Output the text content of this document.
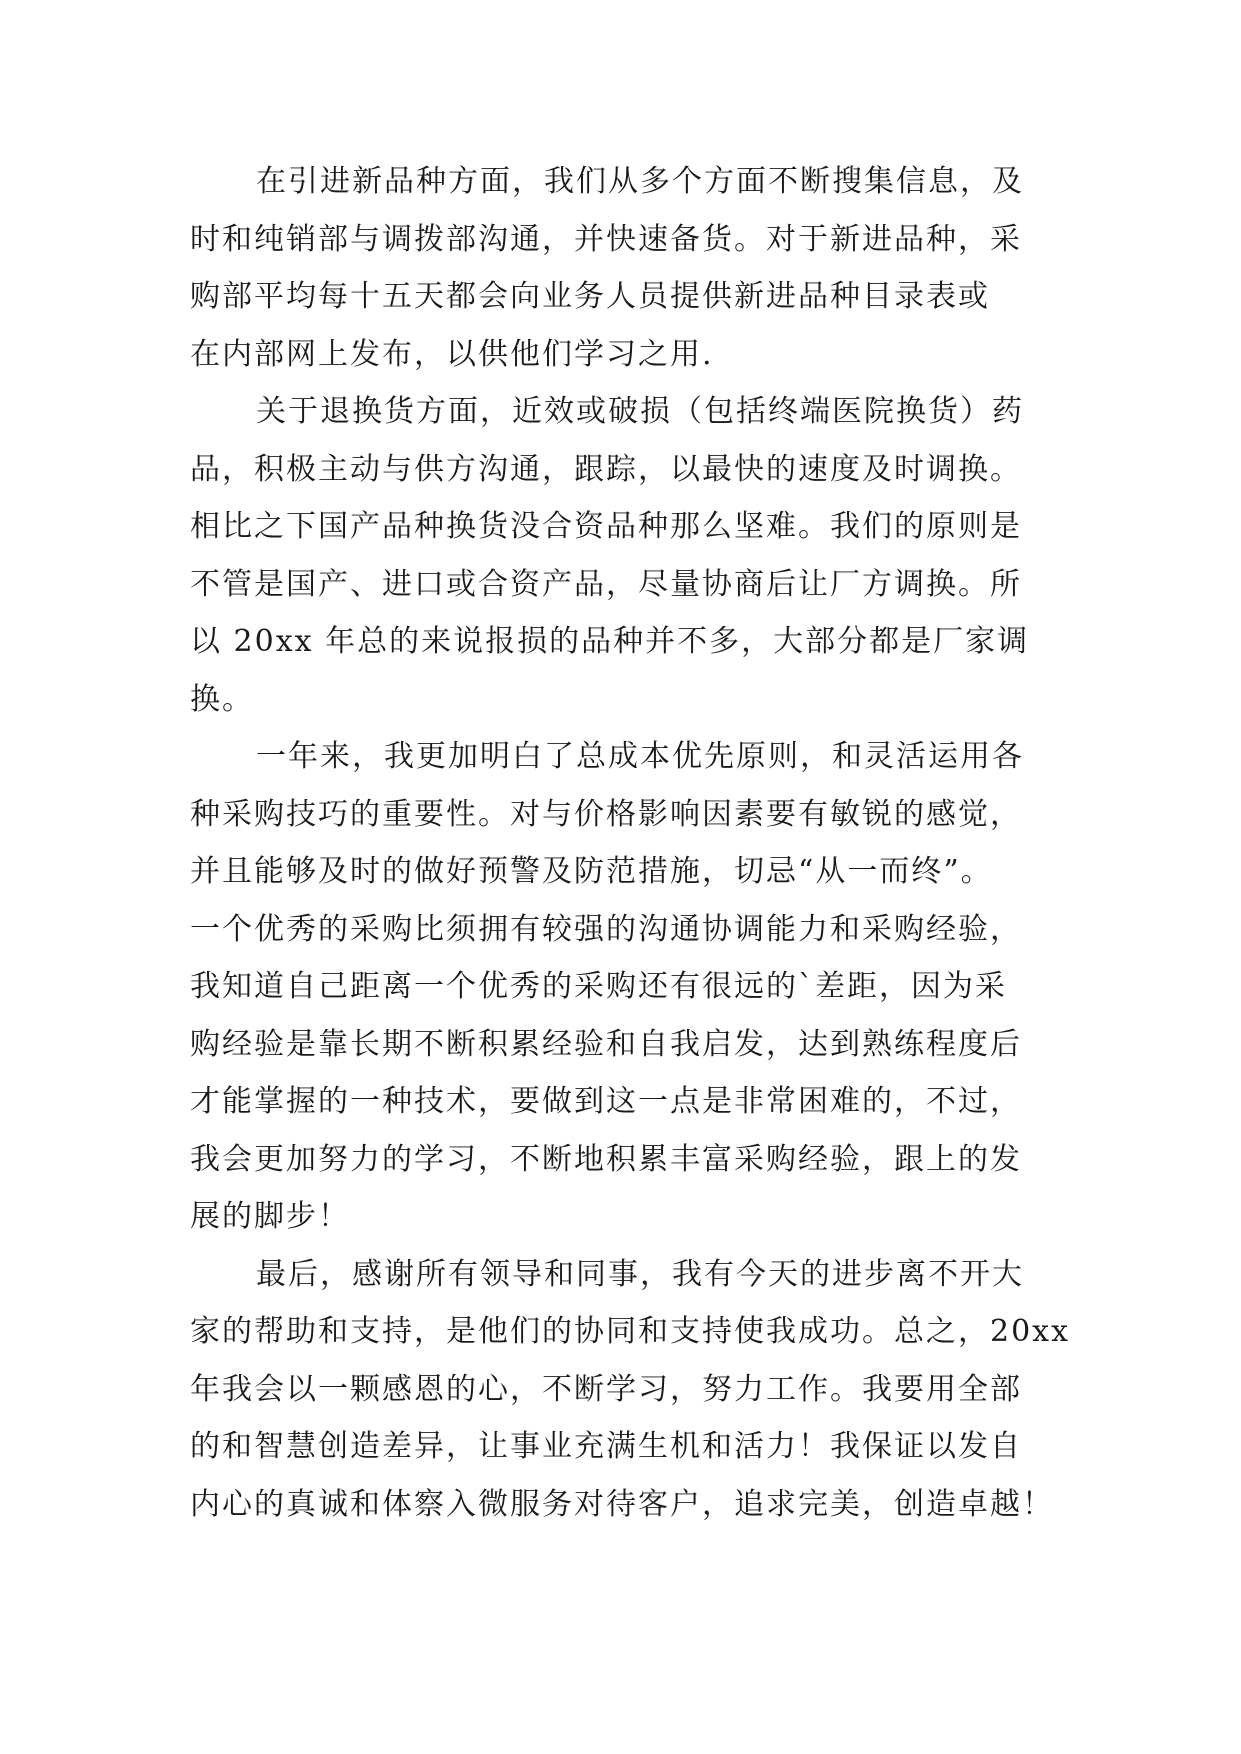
在引进新品种方面，我们从多个方面不断搜集信息，及
时和纯销部与调拨部沟通，并快速备货。对于新进品种，采
购部平均每十五天都会向业务人员提供新进品种目录表或
在内部网上发布，以供他们学习之用.
关于退换货方面，近效或破损（包括终端医院换货）药
品，积极主动与供方沟通，跟踪，以最快的速度及时调换。
相比之下国产品种换货没合资品种那么坚难。我们的原则是
不管是国产、进口或合资产品，尽量协商后让厂方调换。所
以 20xx 年总的来说报损的品种并不多，大部分都是厂家调
换。
一年来，我更加明白了总成本优先原则，和灵活运用各
种采购技巧的重要性。对与价格影响因素要有敏锐的感觉，
并且能够及时的做好预警及防范措施，切忌“从一而终”。
一个优秀的采购比须拥有较强的沟通协调能力和采购经验，
我知道自己距离一个优秀的采购还有很远的`差距，因为采
购经验是靠长期不断积累经验和自我启发，达到熟练程度后
才能掌握的一种技术，要做到这一点是非常困难的，不过，
我会更加努力的学习，不断地积累丰富采购经验，跟上的发
展的脚步！
最后，感谢所有领导和同事，我有今天的进步离不开大
家的帮助和支持，是他们的协同和支持使我成功。总之，20xx
年我会以一颗感恩的心，不断学习，努力工作。我要用全部
的和智慧创造差异，让事业充满生机和活力！我保证以发自
内心的真诚和体察入微服务对待客户，追求完美，创造卓越！
